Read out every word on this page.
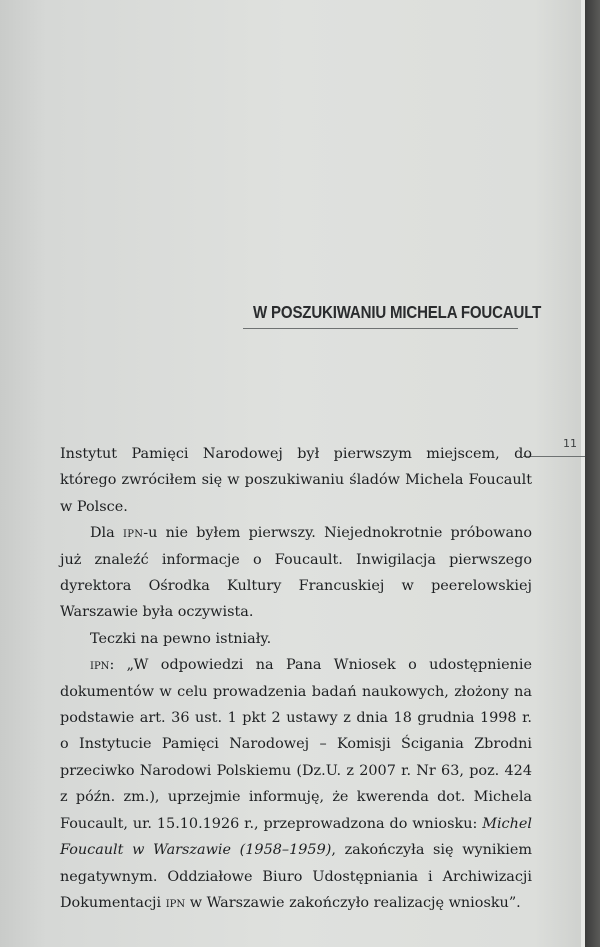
W POSZUKIWANIU MICHELA FOUCAULT
11

Instytut Pamięci Narodowej był pierwszym miejscem, do którego zwróciłem się w poszukiwaniu śladów Michela Foucault w Polsce.

Dla ipn-u nie byłem pierwszy. Niejednokrotnie próbowano już znaleźć informacje o Foucault. Inwigilacja pierwszego dyrektora Ośrodka Kultury Francuskiej w peerelowskiej Warszawie była oczywista.

Teczki na pewno istniały.

ipn: „W odpowiedzi na Pana Wniosek o udostępnienie dokumentów w celu prowadzenia badań naukowych, złożony na podstawie art. 36 ust. 1 pkt 2 ustawy z dnia 18 grudnia 1998 r. o Instytucie Pamięci Narodowej – Komisji Ścigania Zbrodni przeciwko Narodowi Polskiemu (Dz.U. z 2007 r. Nr 63, poz. 424 z późn. zm.), uprzejmie informuję, że kwerenda dot. Michela Foucault, ur. 15.10.1926 r., przeprowadzona do wniosku: Michel Foucault w Warszawie (1958–1959), zakończyła się wynikiem negatywnym. Oddziałowe Biuro Udostępniania i Archiwizacji Dokumentacji ipn w Warszawie zakończyło realizację wniosku”.
